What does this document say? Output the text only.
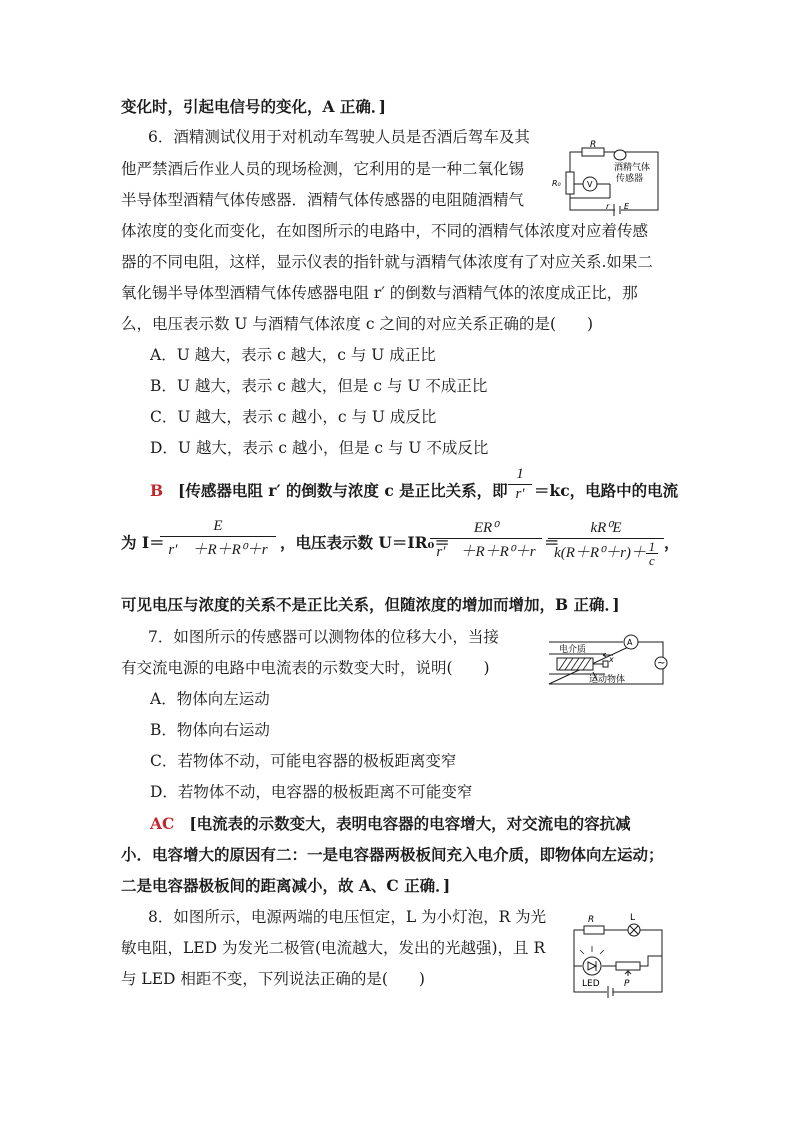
变化时，引起电信号的变化，A 正确．]
6．酒精测试仪用于对机动车驾驶人员是否酒后驾车及其
他严禁酒后作业人员的现场检测，它利用的是一种二氧化锡
半导体型酒精气体传感器．酒精气体传感器的电阻随酒精气
体浓度的变化而变化，在如图所示的电路中，不同的酒精气体浓度对应着传感
器的不同电阻，这样，显示仪表的指针就与酒精气体浓度有了对应关系.如果二
氧化锡半导体型酒精气体传感器电阻 r′ 的倒数与酒精气体的浓度成正比，那
么，电压表示数 U 与酒精气体浓度 c 之间的对应关系正确的是(　　)
A．U 越大，表示 c 越大，c 与 U 成正比
B．U 越大，表示 c 越大，但是 c 与 U 不成正比
C．U 越大，表示 c 越小，c 与 U 成反比
D．U 越大，表示 c 越小，但是 c 与 U 不成反比
B [传感器电阻 r′ 的倒数与浓度 c 是正比关系，即
1
r′ ＝kc，电路中的电流
为 I＝
E
r′　＋R＋R⁰＋r ，电压表示数 U＝IR₀＝
ER⁰
r′　＋R＋R⁰＋r ＝
kR⁰E
$k(R+R^0+r)+ \frac{1}{c}$ ，
可见电压与浓度的关系不是正比关系，但随浓度的增加而增加，B 正确．]
R
酒精气体
传感器
R₀	V
r E
7．如图所示的传感器可以测物体的位移大小，当接
有交流电源的电路中电流表的示数变大时，说明(　　)
A．物体向左运动
B．物体向右运动
C．若物体不动，可能电容器的极板距离变窄
D．若物体不动，电容器的极板距离不可能变窄
AC [电流表的示数变大，表明电容器的电容增大，对交流电的容抗减
小．电容增大的原因有二：一是电容器两极板间充入电介质，即物体向左运动；
二是电容器极板间的距离减小，故 A、C 正确．]
电介质
A
x
运动物体
~
8．如图所示，电源两端的电压恒定，L 为小灯泡，R 为光
敏电阻，LED 为发光二极管(电流越大，发出的光越强)，且 R
与 LED 相距不变，下列说法正确的是(　　)
R	L
LED	P
